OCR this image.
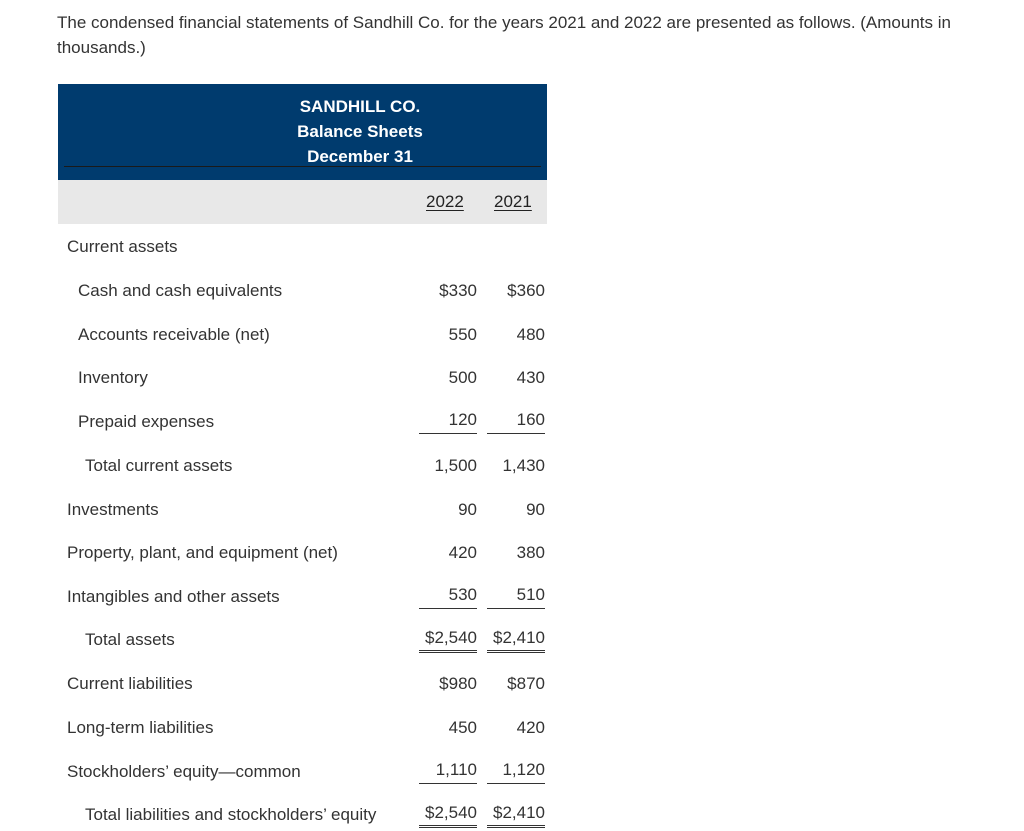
The condensed financial statements of Sandhill Co. for the years 2021 and 2022 are presented as follows. (Amounts in thousands.)
SANDHILL CO.
Balance Sheets
December 31
2022 2021
Current assets
Cash and cash equivalents	$330	$360
Accounts receivable (net)	550	480
Inventory	500	430
Prepaid expenses	120	160
Total current assets	1,500	1,430
Investments	90	90
Property, plant, and equipment (net)	420	380
Intangibles and other assets	530	510
Total assets	$2,540 $2,410
Current liabilities	$980	$870
Long-term liabilities	450	420
Stockholders’ equity—common	1,110	1,120
Total liabilities and stockholders’ equity	$2,540 $2,410
